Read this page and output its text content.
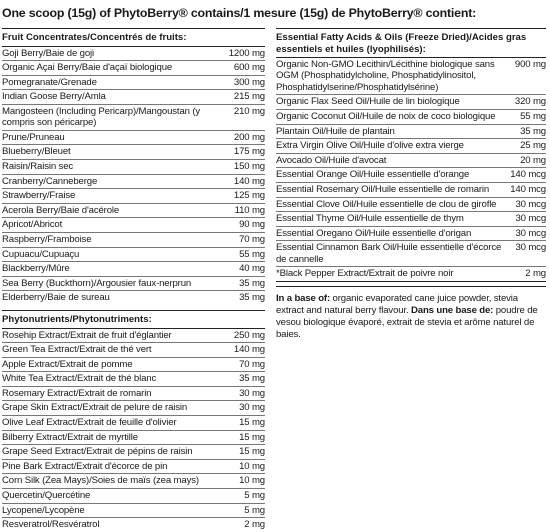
One scoop (15g) of PhytoBerry® contains/1 mesure (15g) de PhytoBerry® contient:
Fruit Concentrates/Concentrés de fruits:
Goji Berry/Baie de goji	1200 mg
Organic Açai Berry/Baie d'açaï biologique	600 mg
Pomegranate/Grenade	300 mg
Indian Goose Berry/Amla	215 mg
Mangosteen (Including Pericarp)/Mangoustan (y compris son péricarpe)
210 mg
Prune/Pruneau	200 mg
Blueberry/Bleuet	175 mg
Raisin/Raisin sec	150 mg
Cranberry/Canneberge	140 mg
Strawberry/Fraise	125 mg
Acerola Berry/Baie d'acérole	110 mg
Apricot/Abricot	90 mg
Raspberry/Framboise	70 mg
Cupuacu/Cupuaçu	55 mg
Blackberry/Mûre	40 mg
Sea Berry (Buckthorn)/Argousier faux-nerprun	35 mg
Elderberry/Baie de sureau	35 mg
Phytonutrients/Phytonutriments:
Rosehip Extract/Extrait de fruit d'églantier	250 mg
Green Tea Extract/Extrait de thé vert	140 mg
Apple Extract/Extrait de pomme	70 mg
White Tea Extract/Extrait de thé blanc	35 mg
Rosemary Extract/Extrait de romarin	30 mg
Grape Skin Extract/Extrait de pelure de raisin	30 mg
Olive Leaf Extract/Extrait de feuille d'olivier	15 mg
Bilberry Extract/Extrait de myrtille	15 mg
Grape Seed Extract/Extrait de pépins de raisin	15 mg
Pine Bark Extract/Extrait d'écorce de pin	10 mg
Corn Silk (Zea Mays)/Soies de maïs (zea mays)	10 mg
Quercetin/Quercétine	5 mg
Lycopene/Lycopène	5 mg
Resveratrol/Resvératrol	2 mg
Essential Fatty Acids & Oils (Freeze Dried)/Acides gras essentiels et huiles (lyophilisés):
Organic Non-GMO Lecithin/Lécithine biologique sans OGM (Phosphatidylcholine, Phosphatidylinositol, Phosphatidylserine/Phosphatidylsérine)
900 mg
Organic Flax Seed Oil/Huile de lin biologique	320 mg
Organic Coconut Oil/Huile de noix de coco biologique	55 mg
Plantain Oil/Huile de plantain	35 mg
Extra Virgin Olive Oil/Huile d'olive extra vierge	25 mg
Avocado Oil/Huile d'avocat	20 mg
Essential Orange Oil/Huile essentielle d'orange	140 mcg
Essential Rosemary Oil/Huile essentielle de romarin	140 mcg
Essential Clove Oil/Huile essentielle de clou de girofle	30 mcg
Essential Thyme Oil/Huile essentielle de thym	30 mcg
Essential Oregano Oil/Huile essentielle d'origan	30 mcg
Essential Cinnamon Bark Oil/Huile essentielle d'écorce de cannelle
30 mcg
*Black Pepper Extract/Extrait de poivre noir	2 mg
In a base of: organic evaporated cane juice powder, stevia extract and natural berry flavour. Dans une base de: poudre de vesou biologique évaporé, extrait de stevia et arôme naturel de baies.
